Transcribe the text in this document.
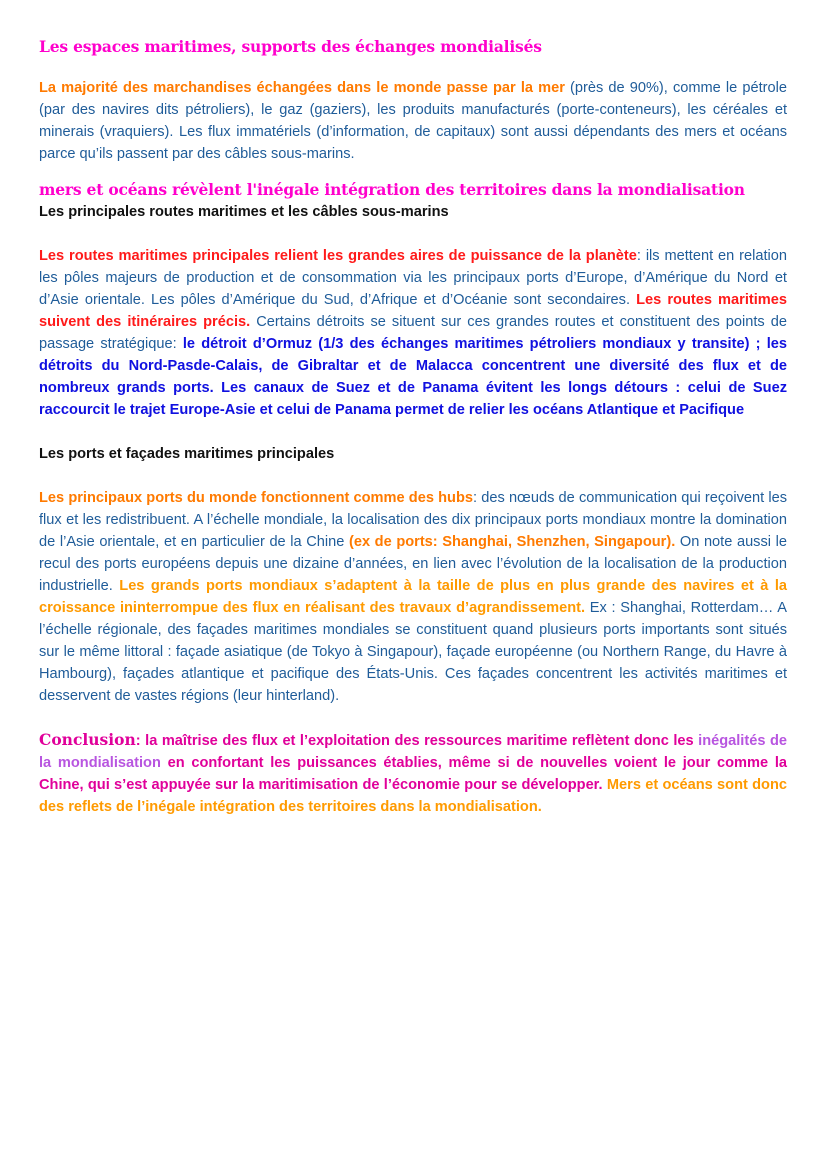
Les espaces maritimes, supports des échanges mondialisés

La majorité des marchandises échangées dans le monde passe par la mer (près de 90%), comme le pétrole (par des navires dits pétroliers), le gaz (gaziers), les produits manufacturés (porte-conteneurs), les céréales et minerais (vraquiers). Les flux immatériels (d’information, de capitaux) sont aussi dépendants des mers et océans parce qu’ils passent par des câbles sous-marins.

mers et océans révèlent l'inégale intégration des territoires dans la mondialisation
Les principales routes maritimes et les câbles sous-marins

Les routes maritimes principales relient les grandes aires de puissance de la planète: ils mettent en relation les pôles majeurs de production et de consommation via les principaux ports d’Europe, d’Amérique du Nord et d’Asie orientale. Les pôles d’Amérique du Sud, d’Afrique et d’Océanie sont secondaires. Les routes maritimes suivent des itinéraires précis. Certains détroits se situent sur ces grandes routes et constituent des points de passage stratégique: le détroit d’Ormuz (1/3 des échanges maritimes pétroliers mondiaux y transite) ; les détroits du Nord-Pasde-Calais, de Gibraltar et de Malacca concentrent une diversité des flux et de nombreux grands ports. Les canaux de Suez et de Panama évitent les longs détours : celui de Suez raccourcit le trajet Europe-Asie et celui de Panama permet de relier les océans Atlantique et Pacifique

Les ports et façades maritimes principales

Les principaux ports du monde fonctionnent comme des hubs: des nœuds de communication qui reçoivent les flux et les redistribuent. A l’échelle mondiale, la localisation des dix principaux ports mondiaux montre la domination de l’Asie orientale, et en particulier de la Chine (ex de ports: Shanghai, Shenzhen, Singapour). On note aussi le recul des ports européens depuis une dizaine d’années, en lien avec l’évolution de la localisation de la production industrielle. Les grands ports mondiaux s’adaptent à la taille de plus en plus grande des navires et à la croissance ininterrompue des flux en réalisant des travaux d’agrandissement. Ex : Shanghai, Rotterdam… A l’échelle régionale, des façades maritimes mondiales se constituent quand plusieurs ports importants sont situés sur le même littoral : façade asiatique (de Tokyo à Singapour), façade européenne (ou Northern Range, du Havre à Hambourg), façades atlantique et pacifique des États-Unis. Ces façades concentrent les activités maritimes et desservent de vastes régions (leur hinterland).

Conclusion: la maîtrise des flux et l’exploitation des ressources maritime reflètent donc les inégalités de la mondialisation en confortant les puissances établies, même si de nouvelles voient le jour comme la Chine, qui s’est appuyée sur la maritimisation de l’économie pour se développer. Mers et océans sont donc des reflets de l’inégale intégration des territoires dans la mondialisation.
